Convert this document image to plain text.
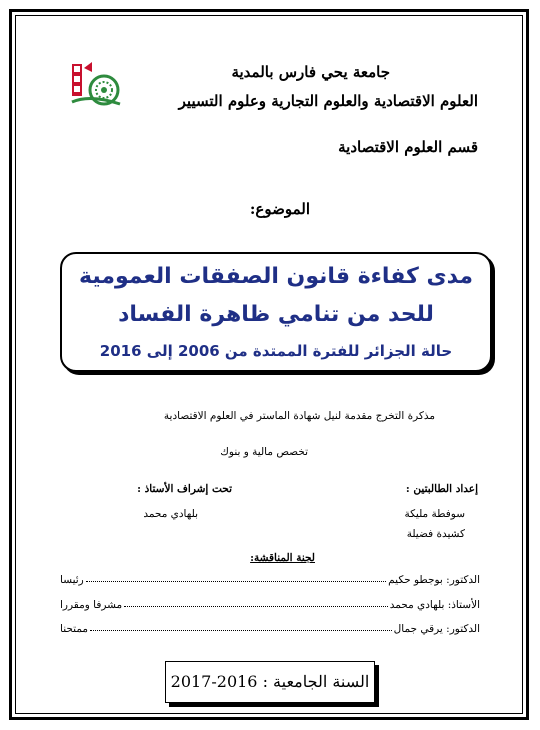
جامعة يحي فارس بالمدية
العلوم الاقتصادية والعلوم التجارية وعلوم التسيير
قسم العلوم الاقتصادية
الموضوع:
مدى كفاءة قانون الصفقات العمومية
للحد من تنامي ظاهرة الفساد
حالة الجزائر للفترة الممتدة من 2006 إلى 2016
مذكرة التخرج مقدمة لنيل شهادة الماستر في العلوم الاقتصادية
تخصص مالية و بنوك
إعداد الطالبتين :
سوفطة مليكة
كشيدة فضيلة
تحت إشراف الأستاذ :
بلهادي محمد
لجنة المناقشة:
الدكتور: بوجطو حكيم
رئيسا
الأستاذ: بلهادي محمد
مشرفا ومقررا
الدكتور: يرقي جمال
ممتحنا
السنة الجامعية : 2016-2017
